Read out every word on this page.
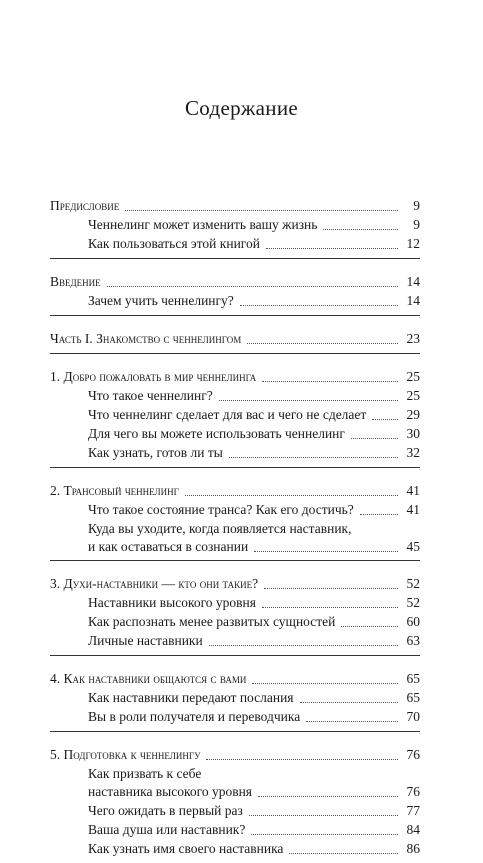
Содержание
Предисловие	9
Ченнелинг может изменить вашу жизнь	9
Как пользоваться этой книгой	12
Введение	14
Зачем учить ченнелингу?	14
Часть I. Знакомство с ченнелингом	23
1. Добро пожаловать в мир ченнелинга	25
Что такое ченнелинг?	25
Что ченнелинг сделает для вас и чего не сделает	29
Для чего вы можете использовать ченнелинг	30
Как узнать, готов ли ты	32
2. Трансовый ченнелинг	41
Что такое состояние транса? Как его достичь?	41
Куда вы уходите, когда появляется наставник,
и как оставаться в сознании	45
3. Духи-наставники — кто они такие?	52
Наставники высокого уровня	52
Как распознать менее развитых сущностей	60
Личные наставники	63
4. Как наставники общаются с вами	65
Как наставники передают послания	65
Вы в роли получателя и переводчика	70
5. Подготовка к ченнелингу	76
Как призвать к себе
наставника высокого уровня	76
Чего ожидать в первый раз	77
Ваша душа или наставник?	84
Как узнать имя своего наставника	86
